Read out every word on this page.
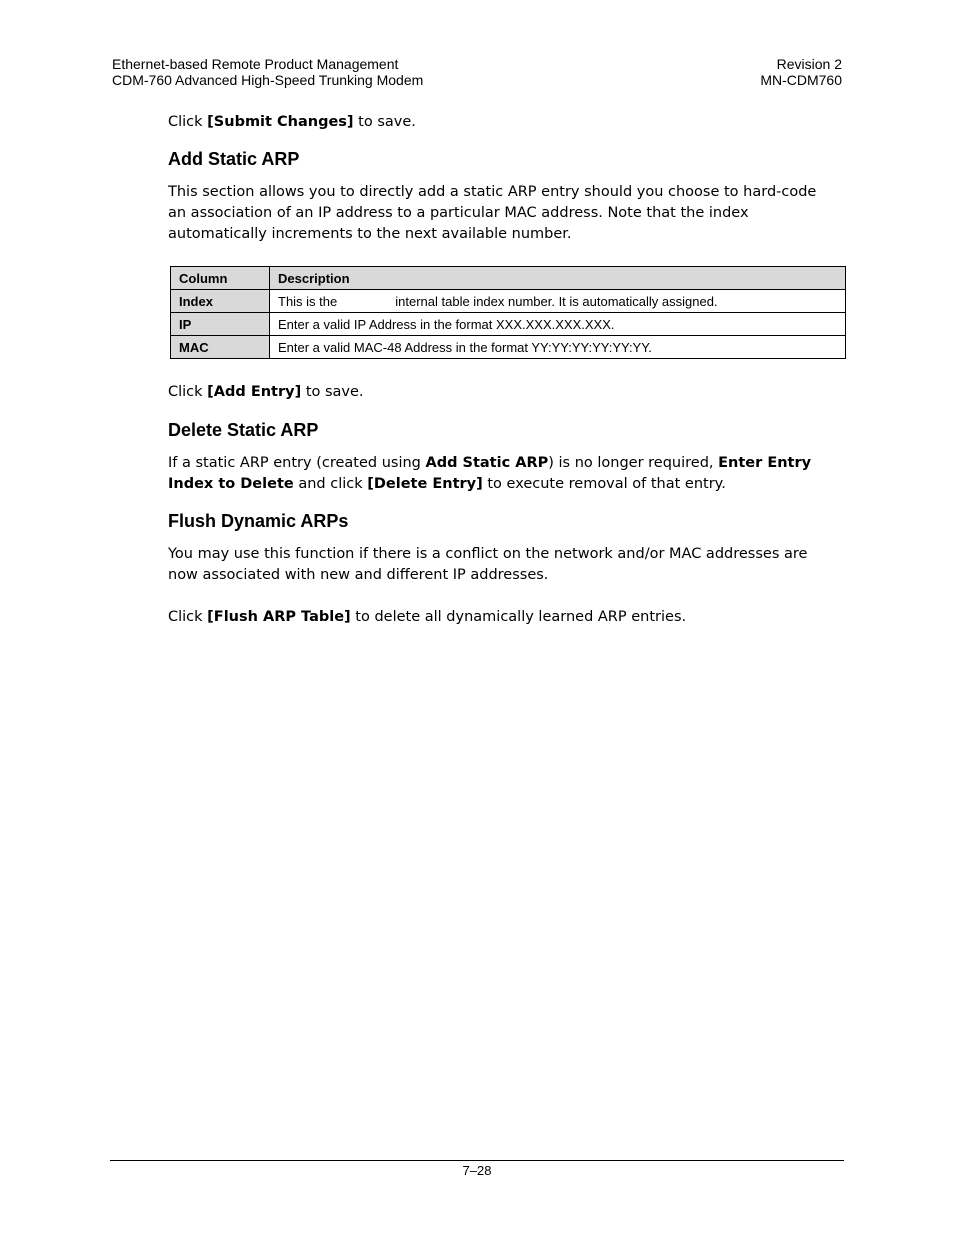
Ethernet-based Remote Product Management
CDM-760 Advanced High-Speed Trunking Modem
Revision 2
MN-CDM760
Click [Submit Changes] to save.
Add Static ARP
This section allows you to directly add a static ARP entry should you choose to hard-code an association of an IP address to a particular MAC address. Note that the index automatically increments to the next available number.
Column	Description
Index	This is the internal table index number. It is automatically assigned.
IP	Enter a valid IP Address in the format XXX.XXX.XXX.XXX.
MAC	Enter a valid MAC-48 Address in the format YY:YY:YY:YY:YY:YY.
Click [Add Entry] to save.
Delete Static ARP
If a static ARP entry (created using Add Static ARP) is no longer required, Enter Entry Index to Delete and click [Delete Entry] to execute removal of that entry.
Flush Dynamic ARPs
You may use this function if there is a conflict on the network and/or MAC addresses are now associated with new and different IP addresses.
Click [Flush ARP Table] to delete all dynamically learned ARP entries.
7–28
